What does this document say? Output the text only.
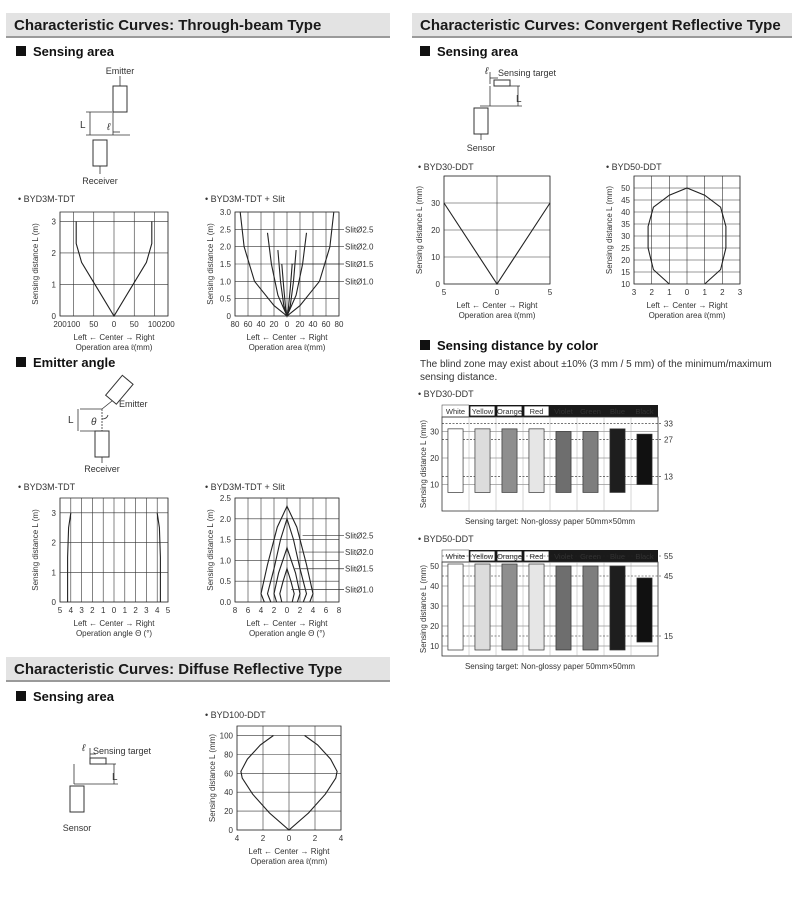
Characteristic Curves: Through-beam Type	Characteristic Curves: Convergent Reflective Type
Characteristic Curves: Diffuse Reflective Type
Sensing area
Emitter angle
Sensing area
Sensing distance by color
Sensing area
The blind zone may exist about ±10% (3 mm / 5 mm) of the minimum/maximum sensing distance.
Emitter
L ℓ
Receiver
Emitter
L θ
Receiver
ℓ Sensing target
L
Sensor
ℓ Sensing target
L
Sensor
• BYD3M-TDT
0
1
2
3
200 100 50 0 50 100 200
Sensing distance L (m)
Left ← Center → Right
Operation area ℓ(mm)
• BYD3M-TDT + Slit
0
0.5
1.0
1.5
2.0
2.5
3.0
80 60 40 20 0 20 40 60 80
Sensing distance L (m)
Left ← Center → Right
Operation area ℓ(mm)
SlitØ2.5
SlitØ2.0
SlitØ1.5
SlitØ1.0
• BYD3M-TDT
0
1
2
3
5 4 3 2 1 0 1 2 3 4 5
Sensing distance L (m)
Left ← Center → Right
Operation angle Θ (°)
• BYD3M-TDT + Slit
0.0
0.5
1.0
1.5
2.0
2.5
8 6 4 2 0 2 4 6 8
Sensing distance L (m)
Left ← Center → Right
Operation angle Θ (°)
SlitØ2.5
SlitØ2.0
SlitØ1.5
SlitØ1.0
• BYD30-DDT
0
10
20
30
5	0	5
Sensing distance L (mm)
Left ← Center → Right
Operation area ℓ(mm)
• BYD50-DDT
10
15
20
25
30
35
40
45
50
3 2 1 0 1 2 3
Sensing distance L (mm)
Left ← Center → Right
Operation area ℓ(mm)
• BYD100-DDT
0
20
40
60
80
100
4	2	0	2	4
Sensing distance L (mm)
Left ← Center → Right
Operation area ℓ(mm)
• BYD30-DDT
White Yellow Orange Red Violet Green Blue Black
10
20
30
33
27
13
Sensing distance L (mm)
Sensing target: Non-glossy paper 50mm×50mm
• BYD50-DDT
White Yellow Orange Red Violet Green Blue Black
10
20
30
40
50
55
45
15
Sensing distance L (mm)
Sensing target: Non-glossy paper 50mm×50mm
